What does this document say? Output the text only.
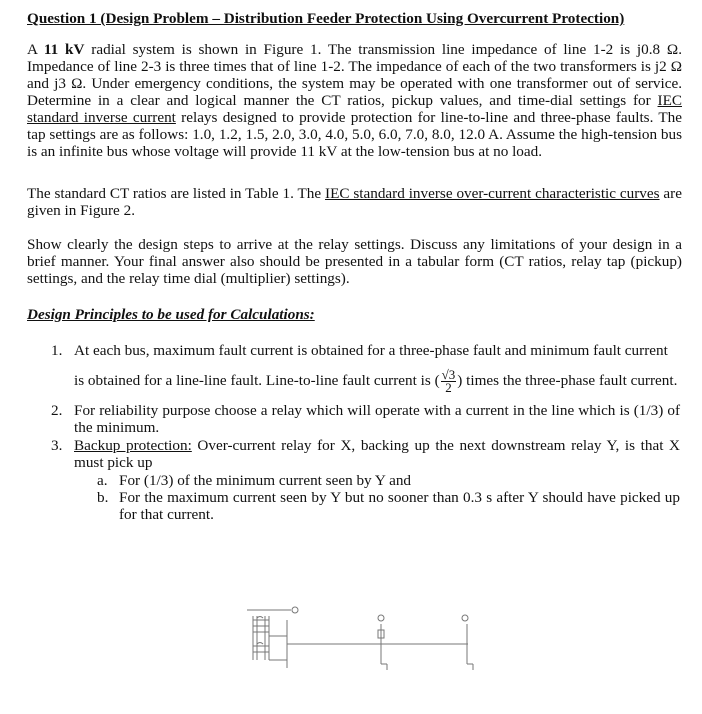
Question 1 (Design Problem – Distribution Feeder Protection Using Overcurrent Protection)
A 11 kV radial system is shown in Figure 1. The transmission line impedance of line 1-2 is j0.8 Ω. Impedance of line 2-3 is three times that of line 1-2. The impedance of each of the two transformers is j2 Ω and j3 Ω. Under emergency conditions, the system may be operated with one transformer out of service. Determine in a clear and logical manner the CT ratios, pickup values, and time-dial settings for IEC standard inverse current relays designed to provide protection for line-to-line and three-phase faults. The tap settings are as follows: 1.0, 1.2, 1.5, 2.0, 3.0, 4.0, 5.0, 6.0, 7.0, 8.0, 12.0 A. Assume the high-tension bus is an infinite bus whose voltage will provide 11 kV at the low-tension bus at no load.
The standard CT ratios are listed in Table 1. The IEC standard inverse over-current characteristic curves are given in Figure 2.
Show clearly the design steps to arrive at the relay settings. Discuss any limitations of your design in a brief manner. Your final answer also should be presented in a tabular form (CT ratios, relay tap (pickup) settings, and the relay time dial (multiplier) settings).
Design Principles to be used for Calculations:
1. At each bus, maximum fault current is obtained for a three-phase fault and minimum fault current
is obtained for a line-line fault. Line-to-line fault current is ( $\frac{√3}{2}$ ) times the three-phase fault current.
2. For reliability purpose choose a relay which will operate with a current in the line which is (1/3) of the minimum.
3. Backup protection: Over-current relay for X, backing up the next downstream relay Y, is that X must pick up
a. For (1/3) of the minimum current seen by Y and
b. For the maximum current seen by Y but no sooner than 0.3 s after Y should have picked up for that current.
